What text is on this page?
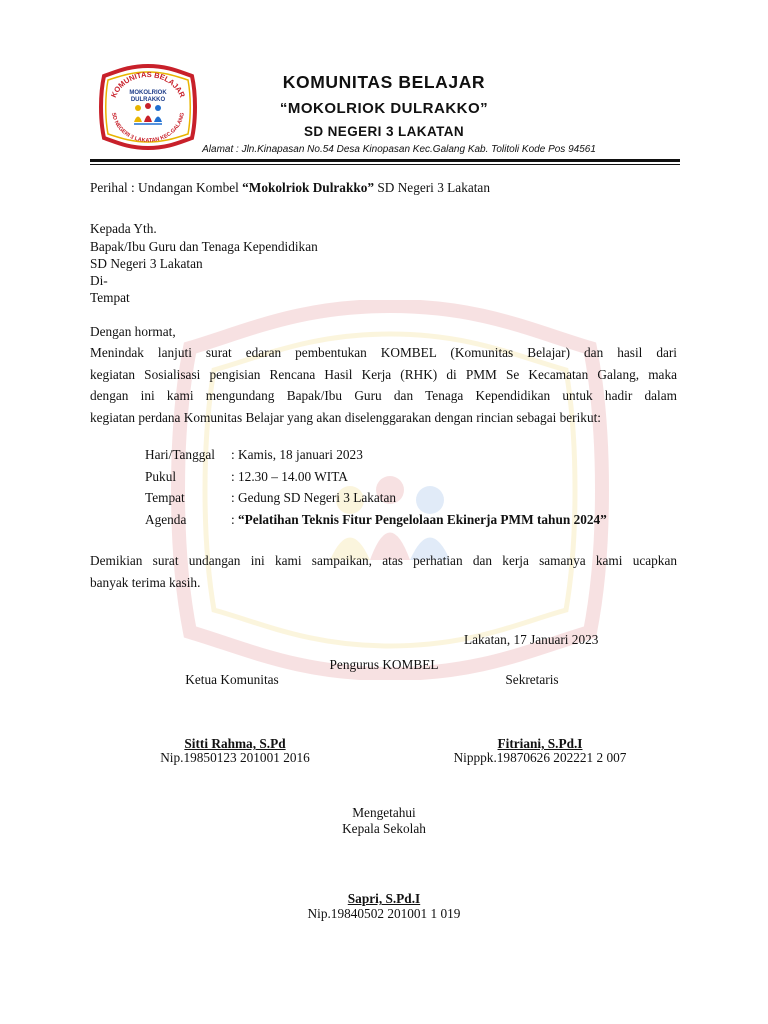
KOMUNITAS BELAJAR
SD NEGERI 3 LAKATAN KEC.GALANG
MOKOLRIOK
DULRAKKO
KOMUNITAS BELAJAR
“MOKOLRIOK DULRAKKO”
SD NEGERI 3 LAKATAN
Alamat : Jln.Kinapasan No.54 Desa Kinopasan Kec.Galang Kab. Tolitoli Kode Pos 94561
Perihal : Undangan Kombel “Mokolriok Dulrakko” SD Negeri 3 Lakatan
Kepada Yth.
Bapak/Ibu Guru dan Tenaga Kependidikan
SD Negeri 3 Lakatan
Di-
Tempat
Dengan hormat,
Menindak lanjuti surat edaran pembentukan KOMBEL (Komunitas Belajar) dan hasil dari
kegiatan Sosialisasi pengisian Rencana Hasil Kerja (RHK) di PMM Se Kecamatan Galang, maka
dengan ini kami mengundang Bapak/Ibu Guru dan Tenaga Kependidikan untuk hadir dalam
kegiatan perdana Komunitas Belajar yang akan diselenggarakan dengan rincian sebagai berikut:
Hari/Tanggal : Kamis, 18 januari 2023
Pukul	: 12.30 – 14.00 WITA
Tempat	: Gedung SD Negeri 3 Lakatan
Agenda	: “Pelatihan Teknis Fitur Pengelolaan Ekinerja PMM tahun 2024”
Demikian surat undangan ini kami sampaikan, atas perhatian dan kerja samanya kami ucapkan
banyak terima kasih.
Lakatan, 17 Januari 2023
Pengurus KOMBEL
Ketua Komunitas	Sekretaris
Sitti Rahma, S.Pd
Nip.19850123 201001 2016
Fitriani, S.Pd.I
Nipppk.19870626 202221 2 007
Mengetahui
Kepala Sekolah
Sapri, S.Pd.I
Nip.19840502 201001 1 019
